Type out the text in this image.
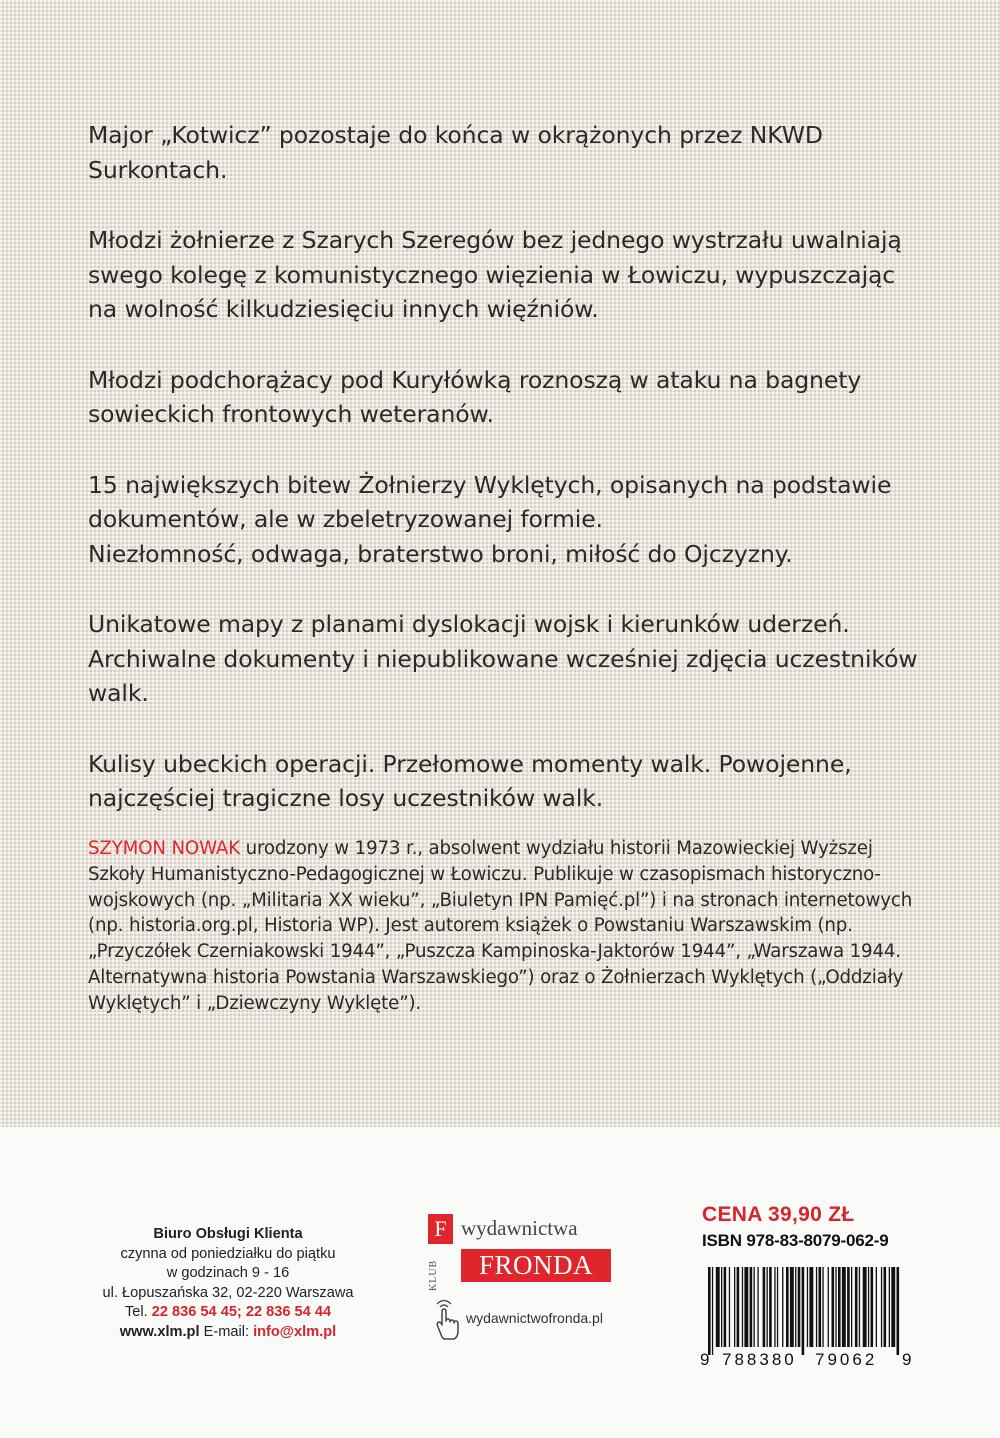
Major „Kotwicz” pozostaje do końca w okrążonych przez NKWD Surkontach.

Młodzi żołnierze z Szarych Szeregów bez jednego wystrzału uwalniają swego kolegę z komunistycznego więzienia w Łowiczu, wypuszczając na wolność kilkudziesięciu innych więźniów.

Młodzi podchorążacy pod Kuryłówką roznoszą w ataku na bagnety sowieckich frontowych weteranów.

15 największych bitew Żołnierzy Wyklętych, opisanych na podstawie dokumentów, ale w zbeletryzowanej formie.
Niezłomność, odwaga, braterstwo broni, miłość do Ojczyzny.

Unikatowe mapy z planami dyslokacji wojsk i kierunków uderzeń.
Archiwalne dokumenty i niepublikowane wcześniej zdjęcia uczestników walk.

Kulisy ubeckich operacji. Przełomowe momenty walk. Powojenne, najczęściej tragiczne losy uczestników walk.

SZYMON NOWAK urodzony w 1973 r., absolwent wydziału historii Mazowieckiej Wyższej Szkoły Humanistyczno-Pedagogicznej w Łowiczu. Publikuje w czasopismach historyczno-wojskowych (np. „Militaria XX wieku”, „Biuletyn IPN Pamięć.pl”) i na stronach internetowych (np. historia.org.pl, Historia WP). Jest autorem książek o Powstaniu Warszawskim (np. „Przyczółek Czerniakowski 1944”, „Puszcza Kampinoska-Jaktorów 1944”, „Warszawa 1944. Alternatywna historia Powstania Warszawskiego”) oraz o Żołnierzach Wyklętych („Oddziały Wyklętych” i „Dziewczyny Wyklęte”).
Biuro Obsługi Klienta
czynna od poniedziałku do piątku
w godzinach 9 - 16
ul. Łopuszańska 32, 02-220 Warszawa
Tel. 22 836 54 45; 22 836 54 44
www.xlm.pl E-mail: info@xlm.pl
F
KLUB
wydawnictwa
FRONDA
wydawnictwofronda.pl
CENA 39,90 ZŁ
ISBN 978-83-8079-062-9
9 788380 79062 9
